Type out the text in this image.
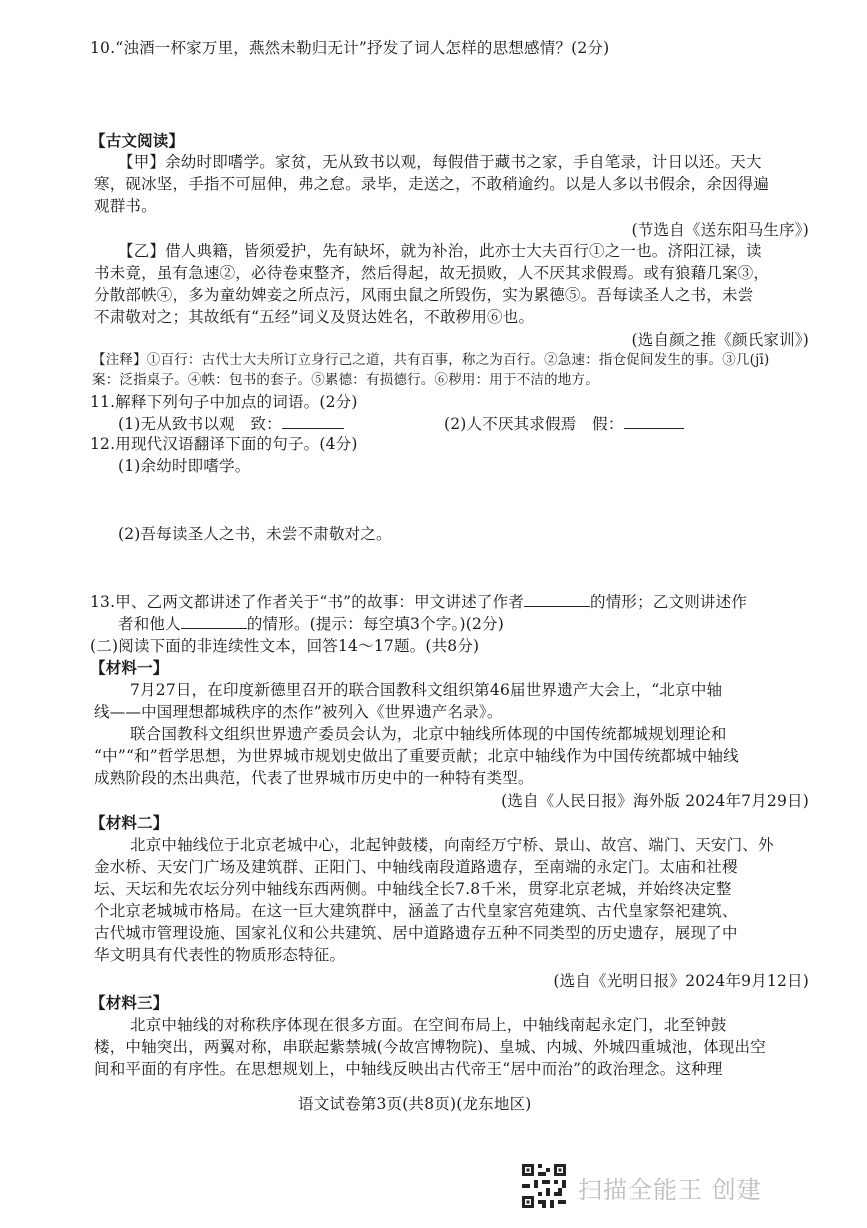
10.“浊酒一杯家万里，燕然未勒归无计”抒发了词人怎样的思想感情？(2分)
【古文阅读】
【甲】余幼时即嗜学。家贫，无从致书以观，每假借于藏书之家，手自笔录，计日以还。天大
寒，砚冰坚，手指不可屈伸，弗之怠。录毕，走送之，不敢稍逾约。以是人多以书假余，余因得遍
观群书。
(节选自《送东阳马生序》)
【乙】借人典籍，皆须爱护，先有缺坏，就为补治，此亦士大夫百行①之一也。济阳江禄，读
书未竟，虽有急速②，必待卷束整齐，然后得起，故无损败，人不厌其求假焉。或有狼藉几案③，
分散部帙④，多为童幼婢妾之所点污，风雨虫鼠之所毁伤，实为累德⑤。吾每读圣人之书，未尝
不肃敬对之；其故纸有“五经”词义及贤达姓名，不敢秽用⑥也。
(选自颜之推《颜氏家训》)
【注释】①百行：古代士大夫所订立身行己之道，共有百事，称之为百行。②急速：指仓促间发生的事。③几(jī)
案：泛指桌子。④帙：包书的套子。⑤累德：有损德行。⑥秽用：用于不洁的地方。
11.解释下列句子中加点的词语。(2分)
(1)无从致书以观　致：	(2)人不厌其求假焉　假：
12.用现代汉语翻译下面的句子。(4分)
(1)余幼时即嗜学。
(2)吾每读圣人之书，未尝不肃敬对之。
13.甲、乙两文都讲述了作者关于“书”的故事：甲文讲述了作者	的情形；乙文则讲述作
者和他人	的情形。(提示：每空填3个字。)(2分)
(二)阅读下面的非连续性文本，回答14～17题。(共8分)
【材料一】
7月27日，在印度新德里召开的联合国教科文组织第46届世界遗产大会上，“北京中轴
线——中国理想都城秩序的杰作”被列入《世界遗产名录》。
联合国教科文组织世界遗产委员会认为，北京中轴线所体现的中国传统都城规划理论和
“中”“和”哲学思想，为世界城市规划史做出了重要贡献；北京中轴线作为中国传统都城中轴线
成熟阶段的杰出典范，代表了世界城市历史中的一种特有类型。
(选自《人民日报》海外版 2024年7月29日)
【材料二】
北京中轴线位于北京老城中心，北起钟鼓楼，向南经万宁桥、景山、故宫、端门、天安门、外
金水桥、天安门广场及建筑群、正阳门、中轴线南段道路遗存，至南端的永定门。太庙和社稷
坛、天坛和先农坛分列中轴线东西两侧。中轴线全长7.8千米，贯穿北京老城，并始终决定整
个北京老城城市格局。在这一巨大建筑群中，涵盖了古代皇家宫苑建筑、古代皇家祭祀建筑、
古代城市管理设施、国家礼仪和公共建筑、居中道路遗存五种不同类型的历史遗存，展现了中
华文明具有代表性的物质形态特征。
(选自《光明日报》2024年9月12日)
【材料三】
北京中轴线的对称秩序体现在很多方面。在空间布局上，中轴线南起永定门，北至钟鼓
楼，中轴突出，两翼对称，串联起紫禁城(今故宫博物院)、皇城、内城、外城四重城池，体现出空
间和平面的有序性。在思想规划上，中轴线反映出古代帝王“居中而治”的政治理念。这种理
语文试卷第3页(共8页)(龙东地区)
扫描全能王 创建
